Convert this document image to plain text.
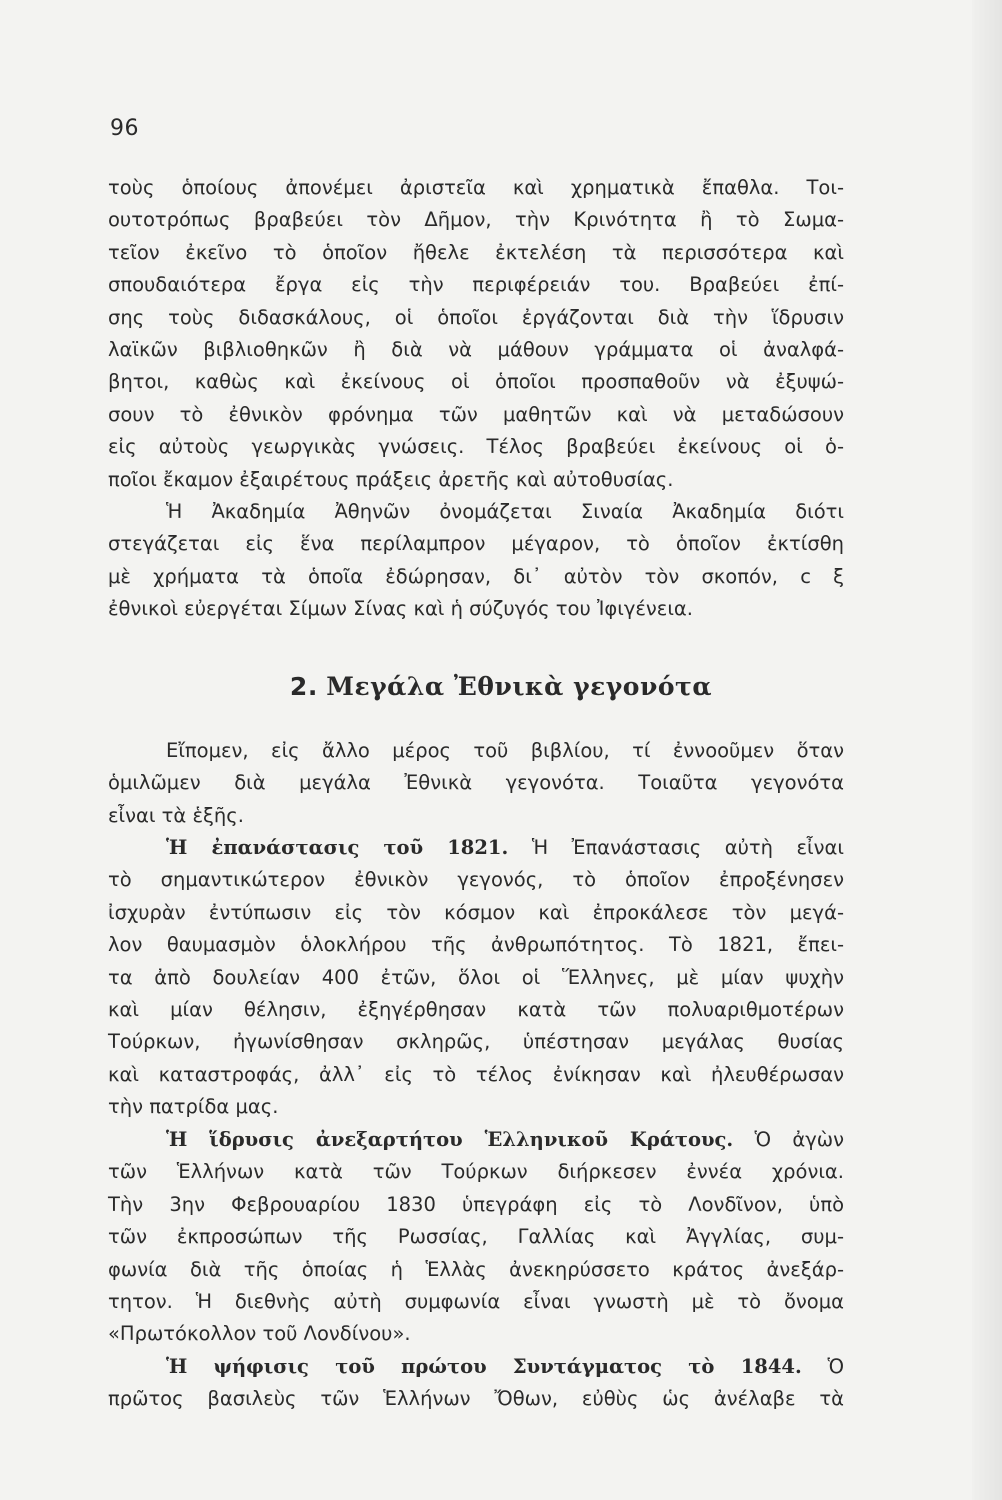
96
τοὺς ὁποίους ἀπονέμει ἀριστεῖα καὶ χρηματικὰ ἔπαθλα. Τοι-
ουτοτρόπως βραβεύει τὸν Δῆμον, τὴν Κρινότητα ἢ τὸ Σωμα-
τεῖον ἐκεῖνο τὸ ὁποῖον ἤθελε ἐκτελέση τὰ περισσότερα καὶ
σπουδαιότερα ἔργα εἰς τὴν περιφέρειάν του. Βραβεύει ἐπί-
σης τοὺς διδασκάλους, οἱ ὁποῖοι ἐργάζονται διὰ τὴν ἵδρυσιν
λαϊκῶν βιβλιοθηκῶν ἢ διὰ νὰ μάθουν γράμματα οἱ ἀναλφά-
βητοι, καθὼς καὶ ἐκείνους οἱ ὁποῖοι προσπαθοῦν νὰ ἐξυψώ-
σουν τὸ ἐθνικὸν φρόνημα τῶν μαθητῶν καὶ νὰ μεταδώσουν
εἰς αὐτοὺς γεωργικὰς γνώσεις. Τέλος βραβεύει ἐκείνους οἱ ὁ-
ποῖοι ἔκαμον ἐξαιρέτους πράξεις ἀρετῆς καὶ αὐτοθυσίας.
Ἡ Ἀκαδημία Ἀθηνῶν ὀνομάζεται Σιναία Ἀκαδημία διότι
στεγάζεται εἰς ἕνα περίλαμπρον μέγαρον, τὸ ὁποῖον ἐκτίσθη
μὲ χρήματα τὰ ὁποῖα ἐδώρησαν, δι᾽ αὐτὸν τὸν σκοπόν, c ξ
ἐθνικοὶ εὐεργέται Σίμων Σίνας καὶ ἡ σύζυγός του Ἰφιγένεια.
2. Μεγάλα Ἐθνικὰ γεγονότα
Εἴπομεν, εἰς ἄλλο μέρος τοῦ βιβλίου, τί ἐννοοῦμεν ὅταν
ὁμιλῶμεν διὰ μεγάλα Ἐθνικὰ γεγονότα. Τοιαῦτα γεγονότα
εἶναι τὰ ἑξῆς.
Ἡ ἐπανάστασις τοῦ 1821. Ἡ Ἐπανάστασις αὐτὴ εἶναι
τὸ σημαντικώτερον ἐθνικὸν γεγονός, τὸ ὁποῖον ἐπροξένησεν
ἰσχυρὰν ἐντύπωσιν εἰς τὸν κόσμον καὶ ἐπροκάλεσε τὸν μεγά-
λον θαυμασμὸν ὁλοκλήρου τῆς ἀνθρωπότητος. Τὸ 1821, ἔπει-
τα ἀπὸ δουλείαν 400 ἐτῶν, ὅλοι οἱ Ἕλληνες, μὲ μίαν ψυχὴν
καὶ μίαν θέλησιν, ἐξηγέρθησαν κατὰ τῶν πολυαριθμοτέρων
Τούρκων, ἠγωνίσθησαν σκληρῶς, ὑπέστησαν μεγάλας θυσίας
καὶ καταστροφάς, ἀλλ᾽ εἰς τὸ τέλος ἐνίκησαν καὶ ἠλευθέρωσαν
τὴν πατρίδα μας.
Ἡ ἵδρυσις ἀνεξαρτήτου Ἑλληνικοῦ Κράτους. Ὁ ἀγὼν
τῶν Ἑλλήνων κατὰ τῶν Τούρκων διήρκεσεν ἐννέα χρόνια.
Τὴν 3ην Φεβρουαρίου 1830 ὑπεγράφη εἰς τὸ Λονδῖνον, ὑπὸ
τῶν ἐκπροσώπων τῆς Ρωσσίας, Γαλλίας καὶ Ἀγγλίας, συμ-
φωνία διὰ τῆς ὁποίας ἡ Ἑλλὰς ἀνεκηρύσσετο κράτος ἀνεξάρ-
τητον. Ἡ διεθνὴς αὐτὴ συμφωνία εἶναι γνωστὴ μὲ τὸ ὄνομα
«Πρωτόκολλον τοῦ Λονδίνου».
Ἡ ψήφισις τοῦ πρώτου Συντάγματος τὸ 1844. Ὁ
πρῶτος βασιλεὺς τῶν Ἑλλήνων Ὄθων, εὐθὺς ὡς ἀνέλαβε τὰ
